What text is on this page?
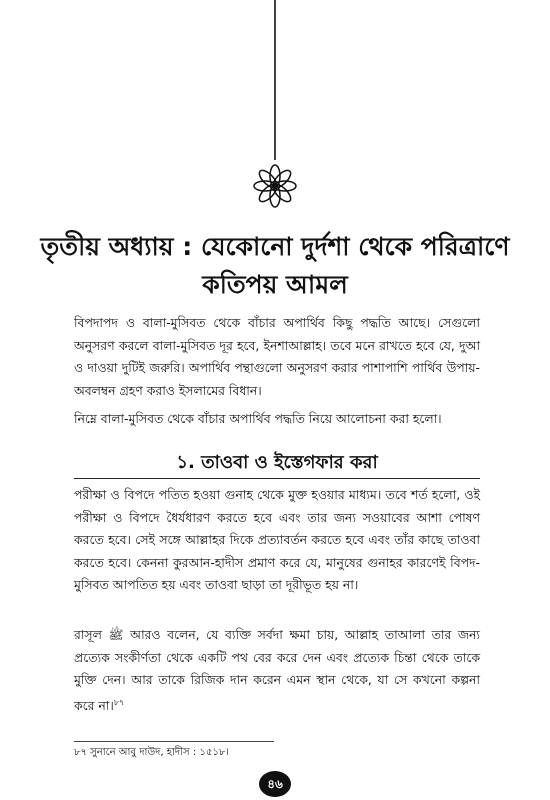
তৃতীয় অধ্যায় : যেকোনো দুর্দশা থেকে পরিত্রাণে কতিপয় আমল

বিপদাপদ ও বালা-মুসিবত থেকে বাঁচার অপার্থিব কিছু পদ্ধতি আছে। সেগুলো অনুসরণ করলে বালা-মুসিবত দূর হবে, ইনশাআল্লাহ। তবে মনে রাখতে হবে যে, দুআ ও দাওয়া দুটিই জরুরি। অপার্থিব পন্থাগুলো অনুসরণ করার পাশাপাশি পার্থিব উপায়-অবলম্বন গ্রহণ করাও ইসলামের বিধান।

নিম্নে বালা-মুসিবত থেকে বাঁচার অপার্থিব পদ্ধতি নিয়ে আলোচনা করা হলো।

১. তাওবা ও ইস্তেগফার করা

পরীক্ষা ও বিপদে পতিত হওয়া গুনাহ থেকে মুক্ত হওয়ার মাধ্যম। তবে শর্ত হলো, ওই পরীক্ষা ও বিপদে ধৈর্যধারণ করতে হবে এবং তার জন্য সওয়াবের আশা পোষণ করতে হবে। সেই সঙ্গে আল্লাহর দিকে প্রত্যাবর্তন করতে হবে এবং তাঁর কাছে তাওবা করতে হবে। কেননা কুরআন-হাদীস প্রমাণ করে যে, মানুষের গুনাহর কারণেই বিপদ-মুসিবত আপতিত হয় এবং তাওবা ছাড়া তা দূরীভূত হয় না।

রাসূল ﷺ আরও বলেন, যে ব্যক্তি সর্বদা ক্ষমা চায়, আল্লাহ তাআলা তার জন্য প্রত্যেক সংকীর্ণতা থেকে একটি পথ বের করে দেন এবং প্রত্যেক চিন্তা থেকে তাকে মুক্তি দেন। আর তাকে রিজিক দান করেন এমন স্থান থেকে, যা সে কখনো কল্পনা করে না।$^{৮৭}$

৮৭ সুনানে আবু দাউদ, হাদীস : ১৫১৮।

৪৬
